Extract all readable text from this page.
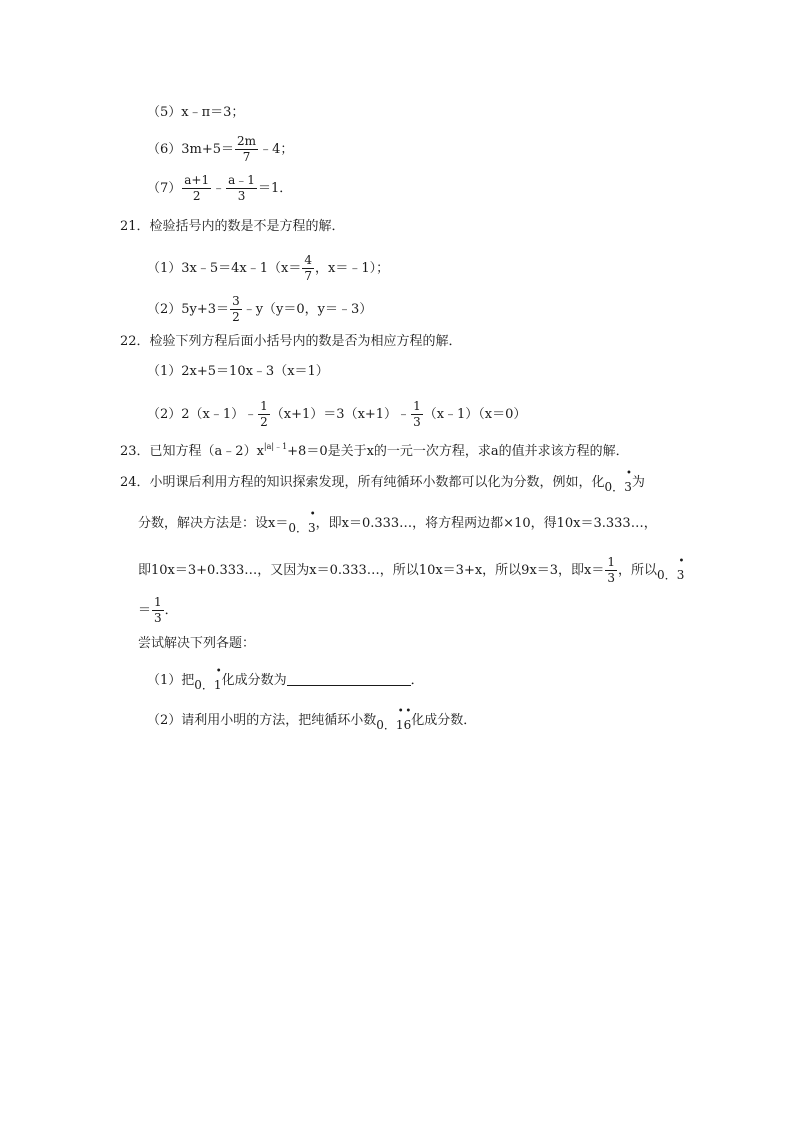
（5）x﹣π＝3；
$(6)3m+5= \frac{2m}{7}$ ﹣4；
$(7) \frac{a+1}{2}$ ﹣ $\frac{a﹣1}{3} =1$．
21．检验括号内的数是不是方程的解．
（1）3x﹣5＝4x﹣1（x＝ $\frac{4}{7}$ ，x＝﹣1）；
$(2)5y+3= \frac{3}{2}$ ﹣y（y＝0，y＝﹣3）
22．检验下列方程后面小括号内的数是否为相应方程的解．
（1）2x+5＝10x﹣3（x＝1）
（2）2（x﹣1）﹣ $\frac{1}{2}$ （x+1）＝3（x+1）﹣ $\frac{1}{3}$ （x﹣1）（x＝0）
23．已知方程$(a﹣2)x^{|a|﹣1}+8=0$是关于x的一元一次方程，求a的值并求该方程的解．
24．小明课后利用方程的知识探索发现，所有纯循环小数都可以化为分数，例如，化0．
•
3为
分数，解决方法是：设x＝0．
•
3，即x＝0.333…，将方程两边都×10，得10x＝3.333…，
即10x＝3+0.333…，又因为x＝0.333…，所以10x＝3+x，所以9x＝3，即$x= \frac{1}{3}$ ，所以0．
•
3
＝ $\frac{1}{3}$ ．
尝试解决下列各题：
（1）把0．
•
1化成分数为	．
（2）请利用小明的方法，把纯循环小数0．
•
1
•
6化成分数．
